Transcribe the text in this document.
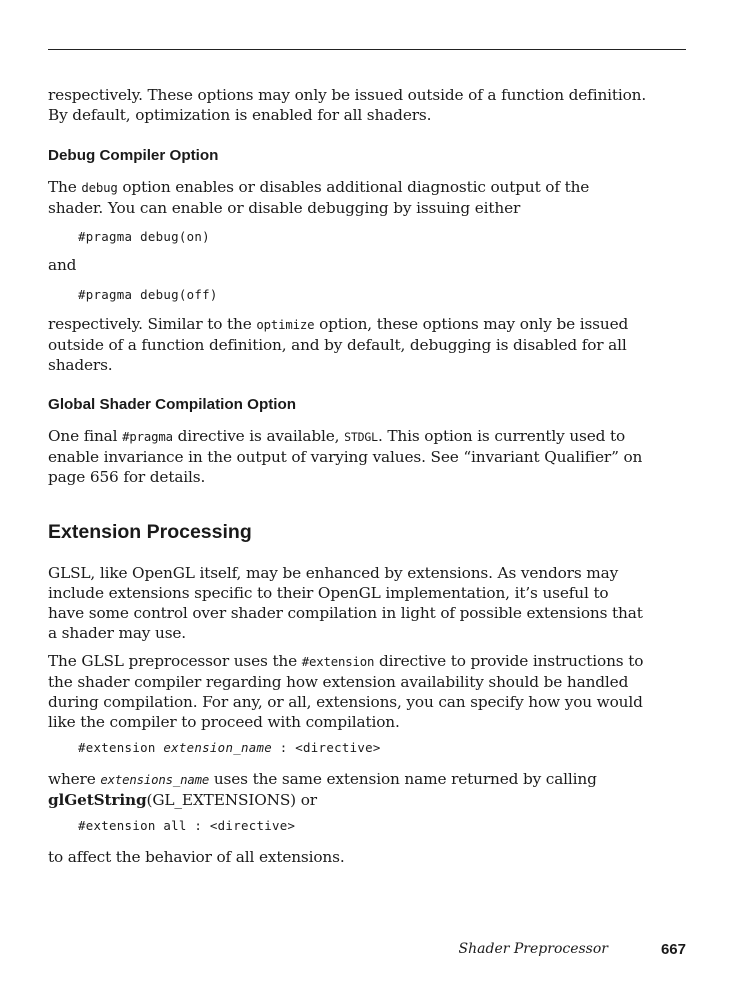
respectively. These options may only be issued outside of a function definition. By default, optimization is enabled for all shaders.

Debug Compiler Option

The debug option enables or disables additional diagnostic output of the shader. You can enable or disable debugging by issuing either

#pragma debug(on)

and

#pragma debug(off)

respectively. Similar to the optimize option, these options may only be issued outside of a function definition, and by default, debugging is disabled for all shaders.

Global Shader Compilation Option

One final #pragma directive is available, STDGL. This option is currently used to enable invariance in the output of varying values. See “invariant Qualifier” on page 656 for details.

Extension Processing

GLSL, like OpenGL itself, may be enhanced by extensions. As vendors may include extensions specific to their OpenGL implementation, it’s useful to have some control over shader compilation in light of possible extensions that a shader may use.

The GLSL preprocessor uses the #extension directive to provide instructions to the shader compiler regarding how extension availability should be handled during compilation. For any, or all, extensions, you can specify how you would like the compiler to proceed with compilation.

#extension extension_name : <directive>

where extensions_name uses the same extension name returned by calling glGetString(GL_EXTENSIONS) or

#extension all : <directive>

to affect the behavior of all extensions.

Shader Preprocessor	667
